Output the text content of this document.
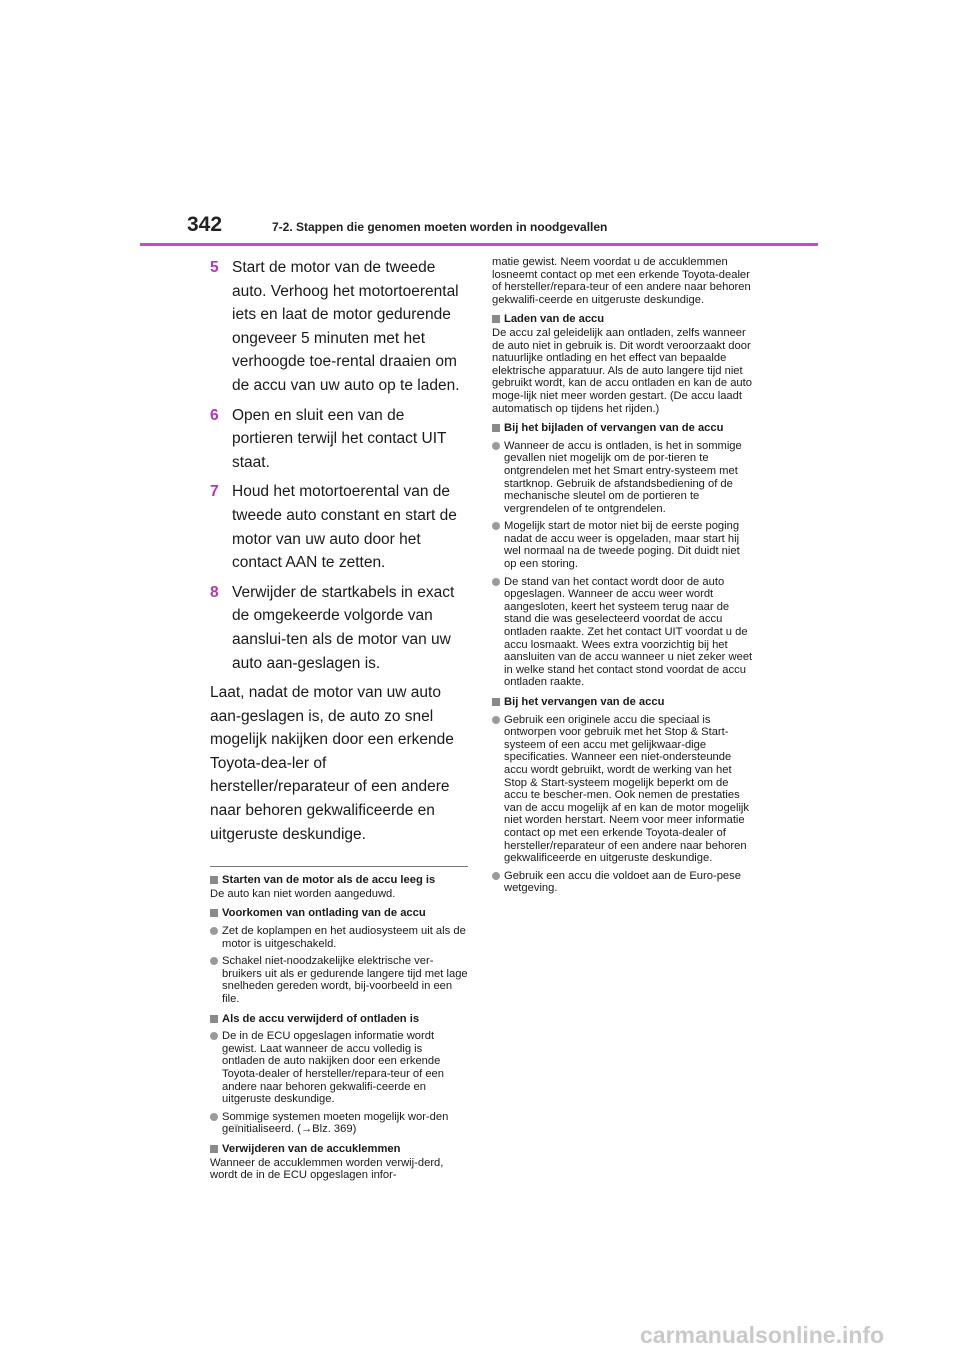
342	7-2. Stappen die genomen moeten worden in noodgevallen
5 Start de motor van de tweede auto. Verhoog het motortoerental iets en laat de motor gedurende ongeveer 5 minuten met het verhoogde toe-rental draaien om de accu van uw auto op te laden.
6 Open en sluit een van de portieren terwijl het contact UIT staat.
7 Houd het motortoerental van de tweede auto constant en start de motor van uw auto door het contact AAN te zetten.
8 Verwijder de startkabels in exact de omgekeerde volgorde van aanslui-ten als de motor van uw auto aan-geslagen is.
Laat, nadat de motor van uw auto aan-geslagen is, de auto zo snel mogelijk nakijken door een erkende Toyota-dea-ler of hersteller/reparateur of een andere naar behoren gekwalificeerde en uitgeruste deskundige.
Starten van de motor als de accu leeg is
De auto kan niet worden aangeduwd.
Voorkomen van ontlading van de accu
Zet de koplampen en het audiosysteem uit als de motor is uitgeschakeld.
Schakel niet-noodzakelijke elektrische ver-bruikers uit als er gedurende langere tijd met lage snelheden gereden wordt, bij-voorbeeld in een file.
Als de accu verwijderd of ontladen is
De in de ECU opgeslagen informatie wordt gewist. Laat wanneer de accu volledig is ontladen de auto nakijken door een erkende Toyota-dealer of hersteller/repara-teur of een andere naar behoren gekwalifi-ceerde en uitgeruste deskundige.
Sommige systemen moeten mogelijk wor-den geïnitialiseerd. (→Blz. 369)
Verwijderen van de accuklemmen
Wanneer de accuklemmen worden verwij-derd, wordt de in de ECU opgeslagen infor-
matie gewist. Neem voordat u de accuklemmen losneemt contact op met een erkende Toyota-dealer of hersteller/repara-teur of een andere naar behoren gekwalifi-ceerde en uitgeruste deskundige.
Laden van de accu
De accu zal geleidelijk aan ontladen, zelfs wanneer de auto niet in gebruik is. Dit wordt veroorzaakt door natuurlijke ontlading en het effect van bepaalde elektrische apparatuur. Als de auto langere tijd niet gebruikt wordt, kan de accu ontladen en kan de auto moge-lijk niet meer worden gestart. (De accu laadt automatisch op tijdens het rijden.)
Bij het bijladen of vervangen van de accu
Wanneer de accu is ontladen, is het in sommige gevallen niet mogelijk om de por-tieren te ontgrendelen met het Smart entry-systeem met startknop. Gebruik de afstandsbediening of de mechanische sleutel om de portieren te vergrendelen of te ontgrendelen.
Mogelijk start de motor niet bij de eerste poging nadat de accu weer is opgeladen, maar start hij wel normaal na de tweede poging. Dit duidt niet op een storing.
De stand van het contact wordt door de auto opgeslagen. Wanneer de accu weer wordt aangesloten, keert het systeem terug naar de stand die was geselecteerd voordat de accu ontladen raakte. Zet het contact UIT voordat u de accu losmaakt. Wees extra voorzichtig bij het aansluiten van de accu wanneer u niet zeker weet in welke stand het contact stond voordat de accu ontladen raakte.
Bij het vervangen van de accu
Gebruik een originele accu die speciaal is ontworpen voor gebruik met het Stop & Start-systeem of een accu met gelijkwaar-dige specificaties. Wanneer een niet-ondersteunde accu wordt gebruikt, wordt de werking van het Stop & Start-systeem mogelijk beperkt om de accu te bescher-men. Ook nemen de prestaties van de accu mogelijk af en kan de motor mogelijk niet worden herstart. Neem voor meer informatie contact op met een erkende Toyota-dealer of hersteller/reparateur of een andere naar behoren gekwalificeerde en uitgeruste deskundige.
Gebruik een accu die voldoet aan de Euro-pese wetgeving.
carmanualsonline.info
